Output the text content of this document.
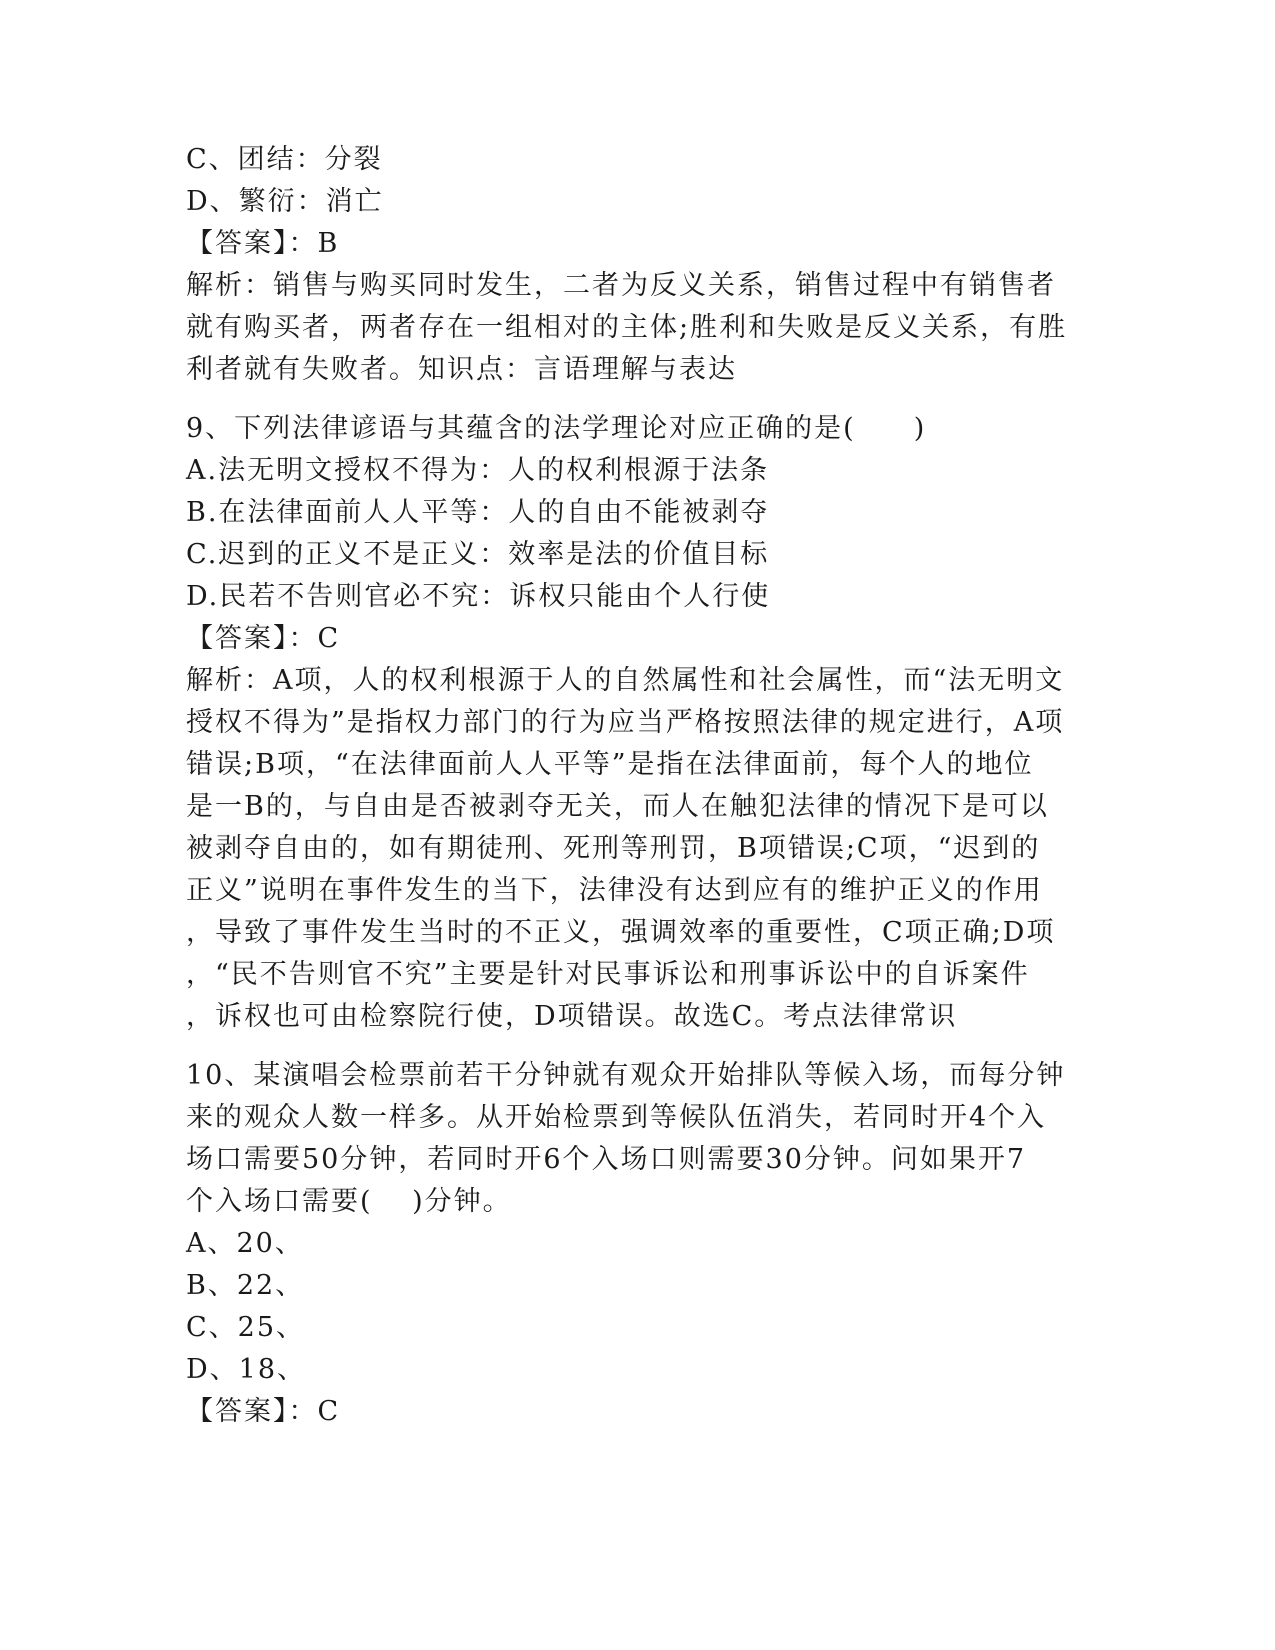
C、团结：分裂
D、繁衍：消亡
【答案】：B
解析：销售与购买同时发生，二者为反义关系，销售过程中有销售者
就有购买者，两者存在一组相对的主体;胜利和失败是反义关系，有胜
利者就有失败者。知识点：言语理解与表达
9、下列法律谚语与其蕴含的法学理论对应正确的是(　　)
A.法无明文授权不得为：人的权利根源于法条
B.在法律面前人人平等：人的自由不能被剥夺
C.迟到的正义不是正义：效率是法的价值目标
D.民若不告则官必不究：诉权只能由个人行使
【答案】：C
解析：A项，人的权利根源于人的自然属性和社会属性，而“法无明文
授权不得为”是指权力部门的行为应当严格按照法律的规定进行，A项
错误;B项，“在法律面前人人平等”是指在法律面前，每个人的地位
是一B的，与自由是否被剥夺无关，而人在触犯法律的情况下是可以
被剥夺自由的，如有期徒刑、死刑等刑罚，B项错误;C项，“迟到的
正义”说明在事件发生的当下，法律没有达到应有的维护正义的作用
，导致了事件发生当时的不正义，强调效率的重要性，C项正确;D项
，“民不告则官不究”主要是针对民事诉讼和刑事诉讼中的自诉案件
，诉权也可由检察院行使，D项错误。故选C。考点法律常识
10、某演唱会检票前若干分钟就有观众开始排队等候入场，而每分钟
来的观众人数一样多。从开始检票到等候队伍消失，若同时开4个入
场口需要50分钟，若同时开6个入场口则需要30分钟。问如果开7
个入场口需要(　 )分钟。
A、20、
B、22、
C、25、
D、18、
【答案】：C
